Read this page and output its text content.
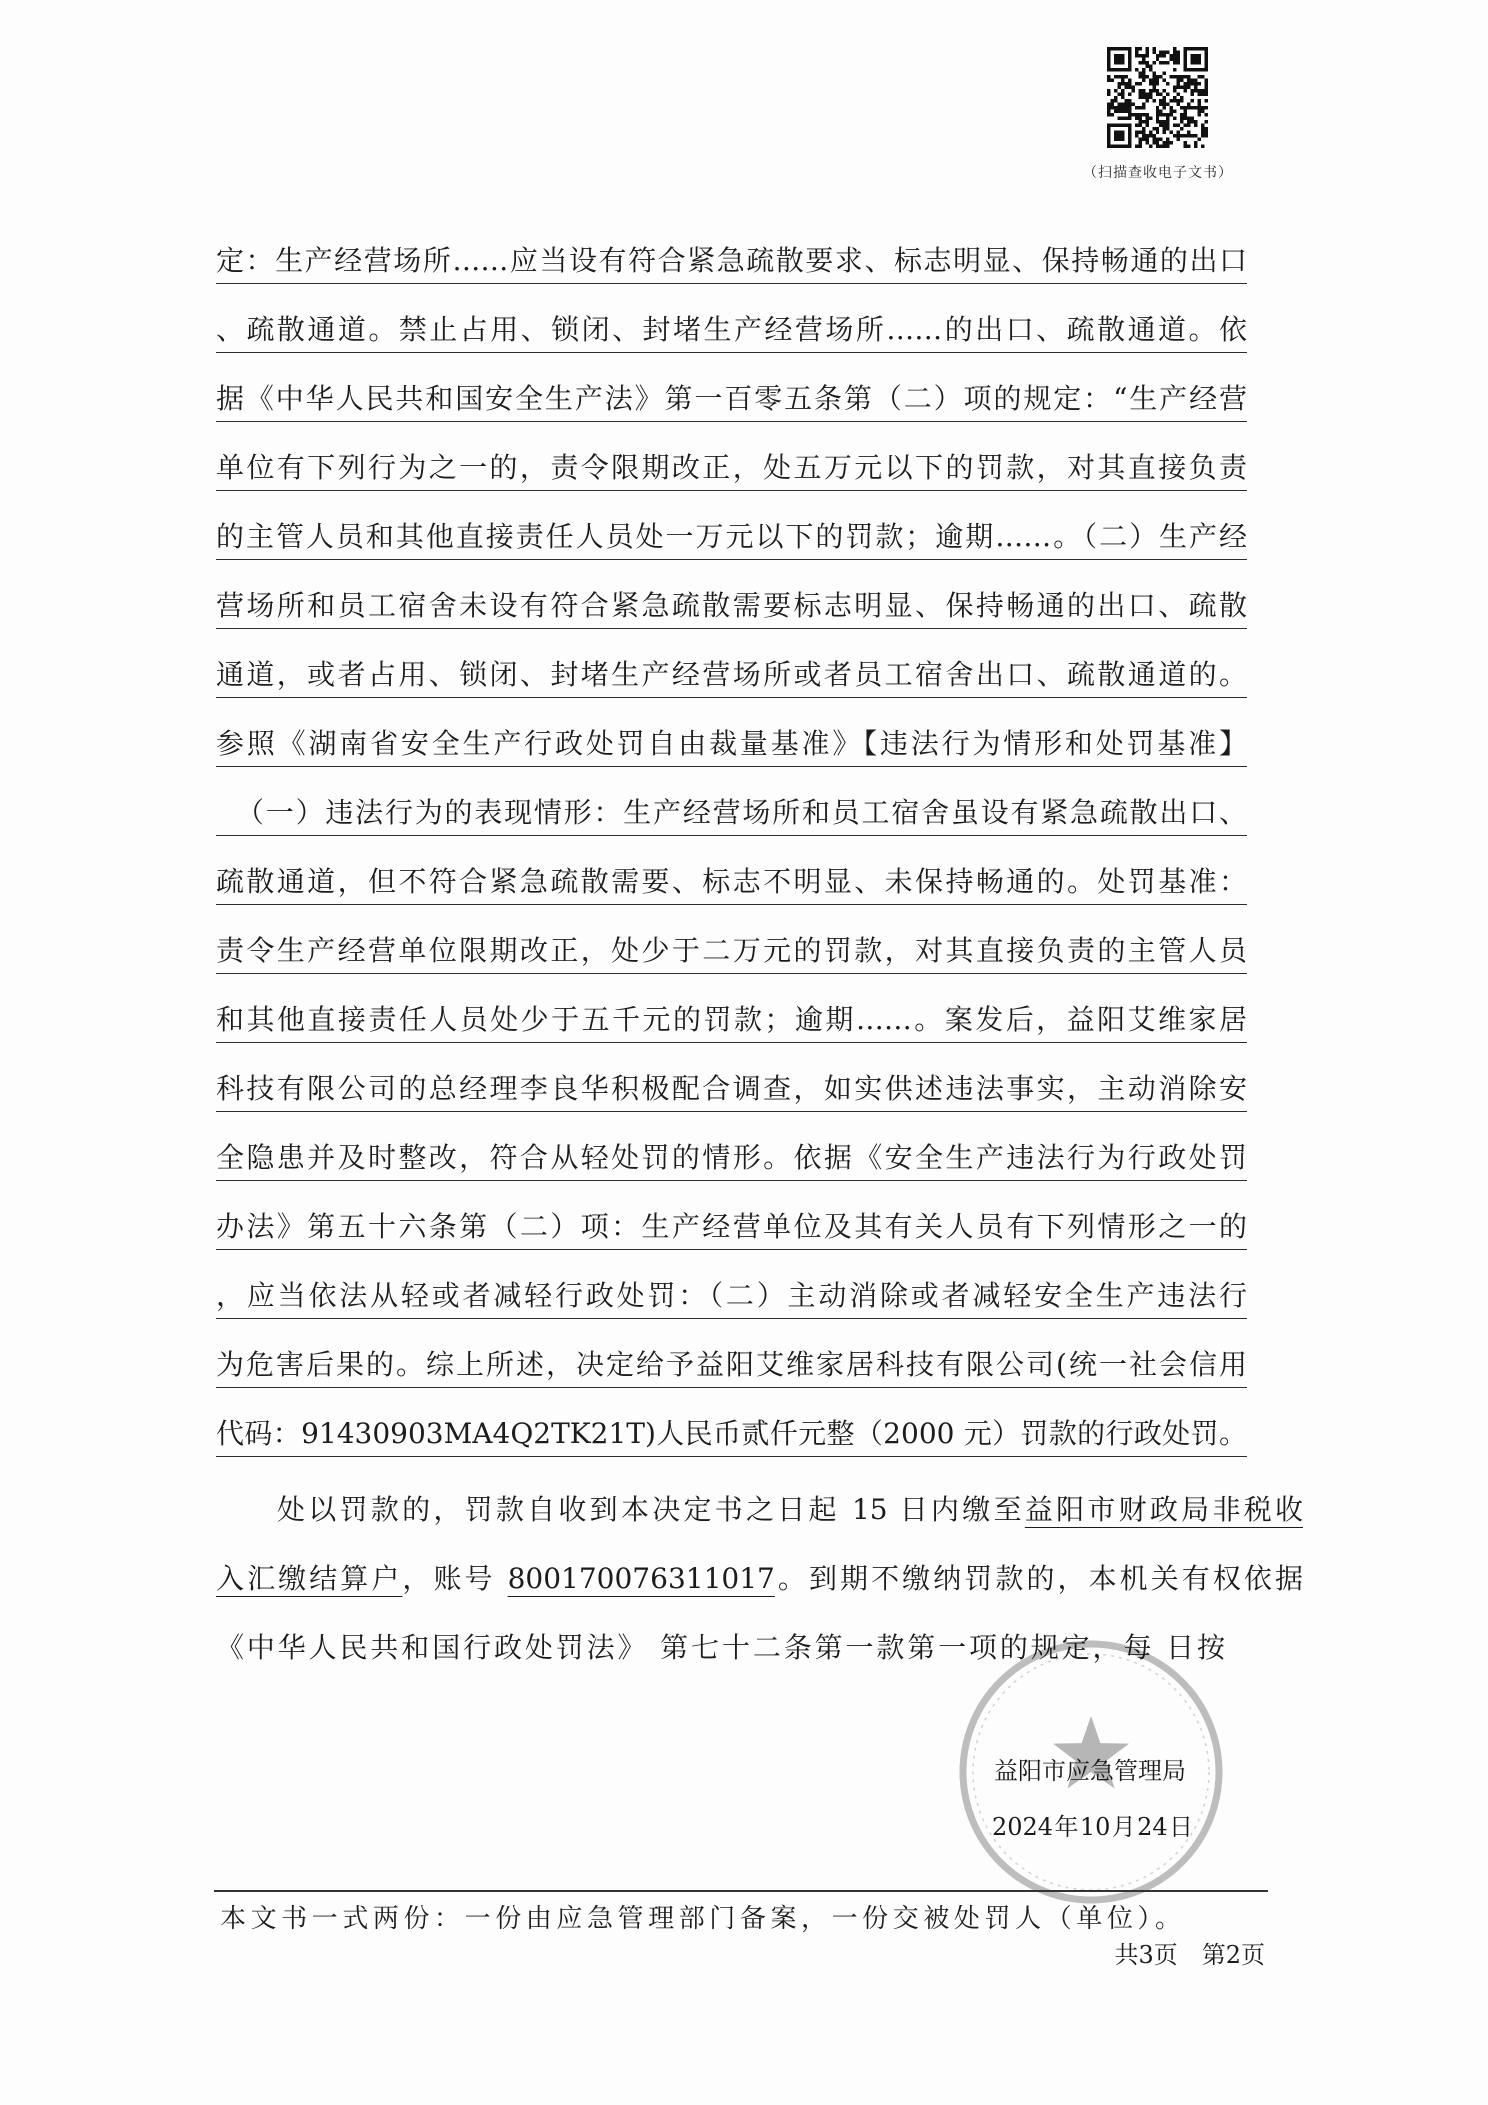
（扫描查收电子文书）
定：生产经营场所……应当设有符合紧急疏散要求、标志明显、保持畅通的出口
、疏散通道。禁止占用、锁闭、封堵生产经营场所……的出口、疏散通道。依
据《中华人民共和国安全生产法》第一百零五条第（二）项的规定：“生产经营
单位有下列行为之一的，责令限期改正，处五万元以下的罚款，对其直接负责
的主管人员和其他直接责任人员处一万元以下的罚款；逾期……。（二）生产经
营场所和员工宿舍未设有符合紧急疏散需要标志明显、保持畅通的出口、疏散
通道，或者占用、锁闭、封堵生产经营场所或者员工宿舍出口、疏散通道的。
参照《湖南省安全生产行政处罚自由裁量基准》【违法行为情形和处罚基准】
（一）违法行为的表现情形：生产经营场所和员工宿舍虽设有紧急疏散出口、
疏散通道，但不符合紧急疏散需要、标志不明显、未保持畅通的。处罚基准：
责令生产经营单位限期改正，处少于二万元的罚款，对其直接负责的主管人员
和其他直接责任人员处少于五千元的罚款；逾期……。案发后，益阳艾维家居
科技有限公司的总经理李良华积极配合调查，如实供述违法事实，主动消除安
全隐患并及时整改，符合从轻处罚的情形。依据《安全生产违法行为行政处罚
办法》第五十六条第（二）项：生产经营单位及其有关人员有下列情形之一的
，应当依法从轻或者减轻行政处罚：（二）主动消除或者减轻安全生产违法行
为危害后果的。综上所述，决定给予益阳艾维家居科技有限公司(统一社会信用
代码：91430903MA4Q2TK21T)人民币贰仟元整（2000 元）罚款的行政处罚。
处以罚款的，罚款自收到本决定书之日起 15 日内缴至益阳市财政局非税收
入汇缴结算户，账号 800170076311017。到期不缴纳罚款的，本机关有权依据
《中华人民共和国行政处罚法》 第七十二条第一款第一项的规定，每 日按
益阳市应急管理局
2024年10月24日
本文书一式两份：一份由应急管理部门备案，一份交被处罚人（单位）。
共3页　第2页
